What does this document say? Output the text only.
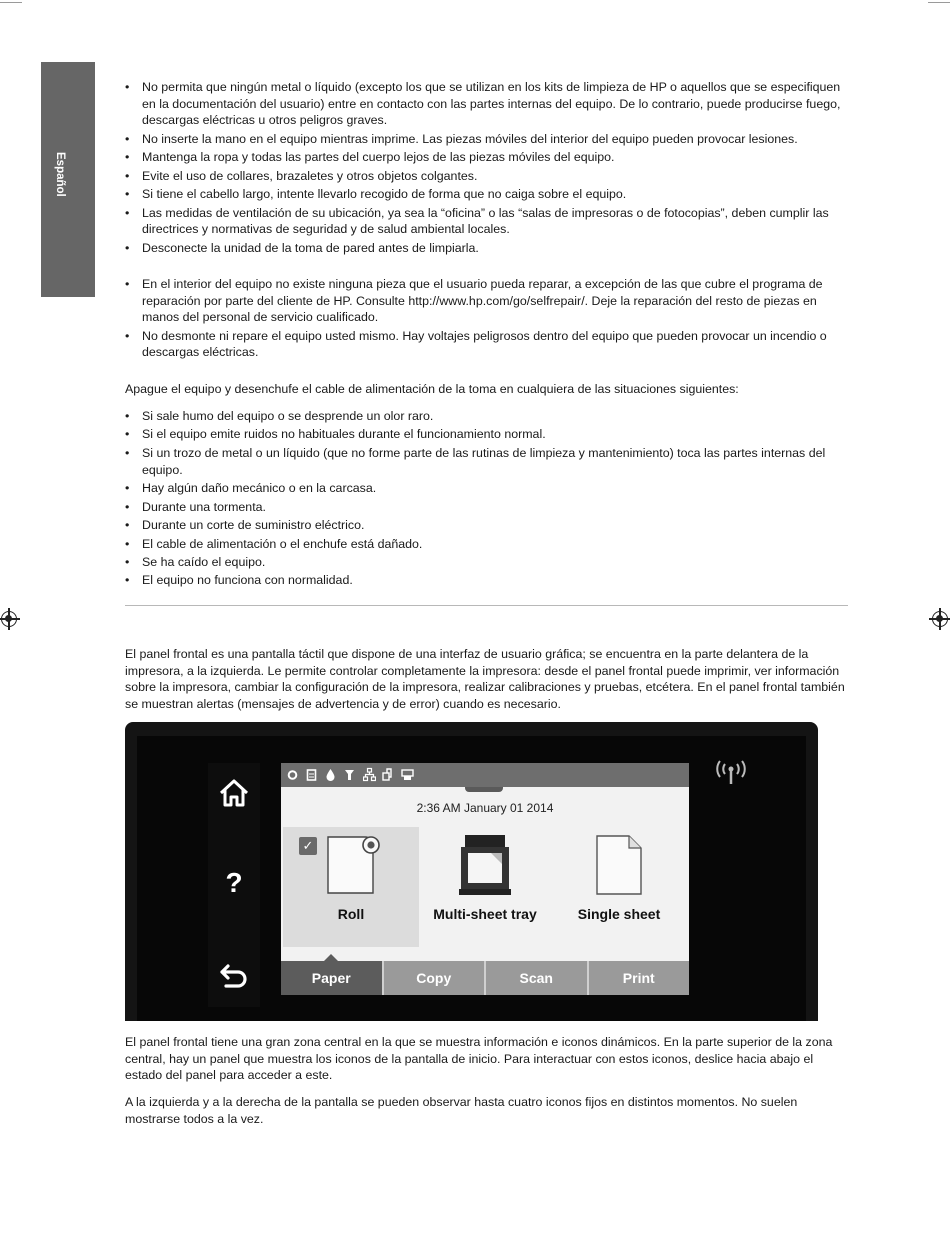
Español
• No permita que ningún metal o líquido (excepto los que se utilizan en los kits de limpieza de HP o aquellos que se especifiquen en la documentación del usuario) entre en contacto con las partes internas del equipo. De lo contrario, puede producirse fuego, descargas eléctricas u otros peligros graves.
• No inserte la mano en el equipo mientras imprime. Las piezas móviles del interior del equipo pueden provocar lesiones.
• Mantenga la ropa y todas las partes del cuerpo lejos de las piezas móviles del equipo.
• Evite el uso de collares, brazaletes y otros objetos colgantes.
• Si tiene el cabello largo, intente llevarlo recogido de forma que no caiga sobre el equipo.
• Las medidas de ventilación de su ubicación, ya sea la “oficina” o las “salas de impresoras o de fotocopias”, deben cumplir las directrices y normativas de seguridad y de salud ambiental locales.
• Desconecte la unidad de la toma de pared antes de limpiarla.
• En el interior del equipo no existe ninguna pieza que el usuario pueda reparar, a excepción de las que cubre el programa de reparación por parte del cliente de HP. Consulte http://www.hp.com/go/selfrepair/. Deje la reparación del resto de piezas en manos del personal de servicio cualificado.
• No desmonte ni repare el equipo usted mismo. Hay voltajes peligrosos dentro del equipo que pueden provocar un incendio o descargas eléctricas.

Apague el equipo y desenchufe el cable de alimentación de la toma en cualquiera de las situaciones siguientes:

• Si sale humo del equipo o se desprende un olor raro.
• Si el equipo emite ruidos no habituales durante el funcionamiento normal.
• Si un trozo de metal o un líquido (que no forme parte de las rutinas de limpieza y mantenimiento) toca las partes internas del equipo.
• Hay algún daño mecánico o en la carcasa.
• Durante una tormenta.
• Durante un corte de suministro eléctrico.
• El cable de alimentación o el enchufe está dañado.
• Se ha caído el equipo.
• El equipo no funciona con normalidad.

El panel frontal es una pantalla táctil que dispone de una interfaz de usuario gráfica; se encuentra en la parte delantera de la impresora, a la izquierda. Le permite controlar completamente la impresora: desde el panel frontal puede imprimir, ver información sobre la impresora, cambiar la configuración de la impresora, realizar calibraciones y pruebas, etcétera. En el panel frontal también se muestran alertas (mensajes de advertencia y de error) cuando es necesario.

?
2:36 AM January 01 2014
✓
Roll	Multi-sheet tray	Single sheet
Paper	Copy	Scan	Print

El panel frontal tiene una gran zona central en la que se muestra información e iconos dinámicos. En la parte superior de la zona central, hay un panel que muestra los iconos de la pantalla de inicio. Para interactuar con estos iconos, deslice hacia abajo el estado del panel para acceder a este.

A la izquierda y a la derecha de la pantalla se pueden observar hasta cuatro iconos fijos en distintos momentos. No suelen mostrarse todos a la vez.
